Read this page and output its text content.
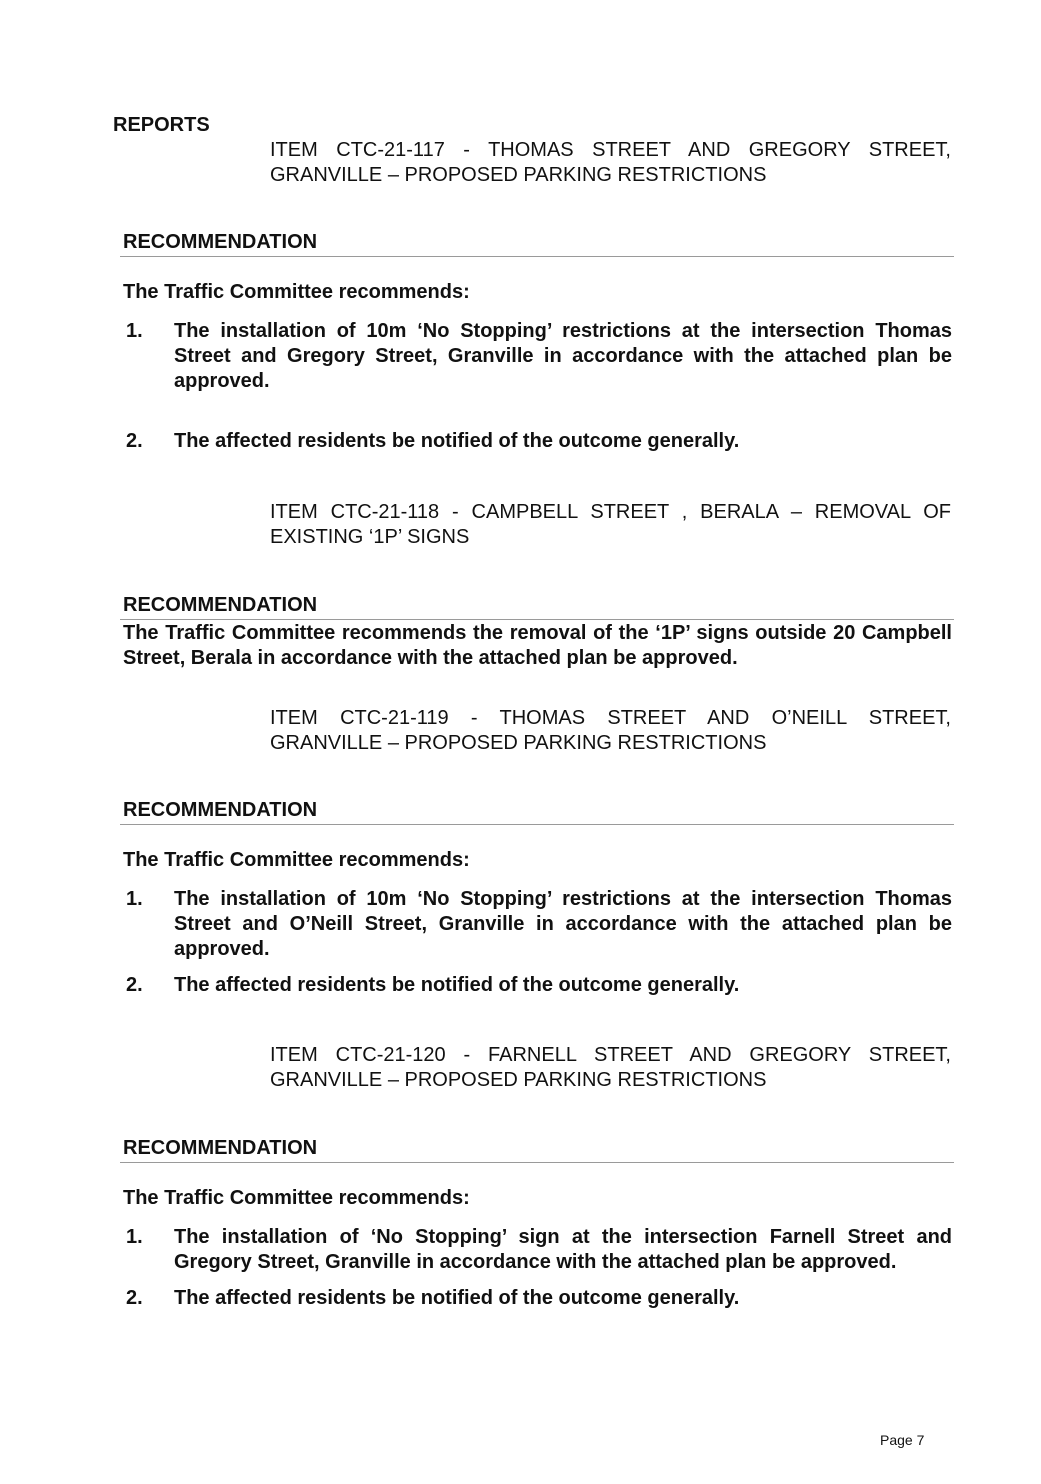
REPORTS
ITEM CTC-21-117 - THOMAS STREET AND GREGORY STREET, GRANVILLE – PROPOSED PARKING RESTRICTIONS
RECOMMENDATION
The Traffic Committee recommends:
1. The installation of 10m ‘No Stopping’ restrictions at the intersection Thomas Street and Gregory Street, Granville in accordance with the attached plan be approved.
2. The affected residents be notified of the outcome generally.
ITEM CTC-21-118 - CAMPBELL STREET , BERALA – REMOVAL OF EXISTING ‘1P’ SIGNS
RECOMMENDATION
The Traffic Committee recommends the removal of the ‘1P’ signs outside 20 Campbell Street, Berala in accordance with the attached plan be approved.
ITEM CTC-21-119 - THOMAS STREET AND O’NEILL STREET, GRANVILLE – PROPOSED PARKING RESTRICTIONS
RECOMMENDATION
The Traffic Committee recommends:
1. The installation of 10m ‘No Stopping’ restrictions at the intersection Thomas Street and O’Neill Street, Granville in accordance with the attached plan be approved.
2. The affected residents be notified of the outcome generally.
ITEM CTC-21-120 - FARNELL STREET AND GREGORY STREET, GRANVILLE – PROPOSED PARKING RESTRICTIONS
RECOMMENDATION
The Traffic Committee recommends:
1. The installation of ‘No Stopping’ sign at the intersection Farnell Street and Gregory Street, Granville in accordance with the attached plan be approved.
2. The affected residents be notified of the outcome generally.
Page 7
